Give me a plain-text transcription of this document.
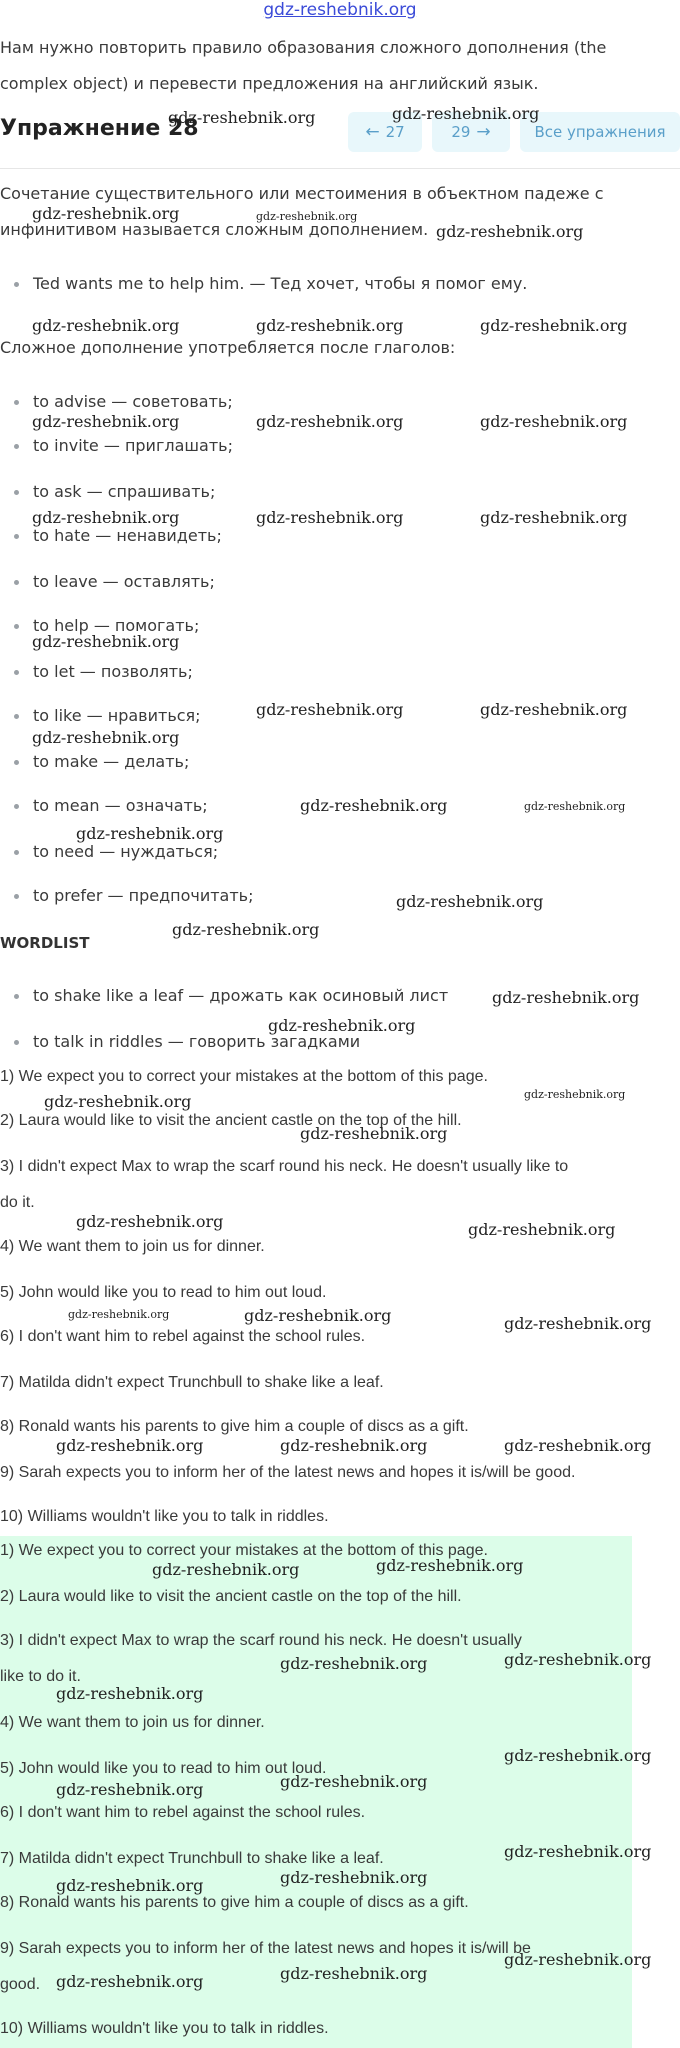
gdz-reshebnik.org
Нам нужно повторить правило образования сложного дополнения (the
complex object) и перевести предложения на английский язык.
Упражнение 28	← 27	29 →	Все упражнения
Сочетание существительного или местоимения в объектном падеже с
инфинитивом называется сложным дополнением.
Ted wants me to help him. — Тед хочет, чтобы я помог ему.
Сложное дополнение употребляется после глаголов:
to advise — советовать;
to invite — приглашать;
to ask — спрашивать;
to hate — ненавидеть;
to leave — оставлять;
to help — помогать;
to let — позволять;
to like — нравиться;
to make — делать;
to mean — означать;
to need — нуждаться;
to prefer — предпочитать;
WORDLIST
to shake like a leaf — дрожать как осиновый лист
to talk in riddles — говорить загадками
1) We expect you to correct your mistakes at the bottom of this page.
2) Laura would like to visit the ancient castle on the top of the hill.
3) I didn't expect Max to wrap the scarf round his neck. He doesn't usually like to
do it.
4) We want them to join us for dinner.
5) John would like you to read to him out loud.
6) I don't want him to rebel against the school rules.
7) Matilda didn't expect Trunchbull to shake like a leaf.
8) Ronald wants his parents to give him a couple of discs as a gift.
9) Sarah expects you to inform her of the latest news and hopes it is/will be good.
10) Williams wouldn't like you to talk in riddles.
1) We expect you to correct your mistakes at the bottom of this page.
2) Laura would like to visit the ancient castle on the top of the hill.
3) I didn't expect Max to wrap the scarf round his neck. He doesn't usually
like to do it.
4) We want them to join us for dinner.
5) John would like you to read to him out loud.
6) I don't want him to rebel against the school rules.
7) Matilda didn't expect Trunchbull to shake like a leaf.
8) Ronald wants his parents to give him a couple of discs as a gift.
9) Sarah expects you to inform her of the latest news and hopes it is/will be
good.
10) Williams wouldn't like you to talk in riddles.
gdz-reshebnik.org	gdz-reshebnik.org
gdz-reshebnik.org	gdz-reshebnik.org
gdz-reshebnik.org
gdz-reshebnik.org	gdz-reshebnik.org	gdz-reshebnik.org
gdz-reshebnik.org	gdz-reshebnik.org	gdz-reshebnik.org
gdz-reshebnik.org	gdz-reshebnik.org	gdz-reshebnik.org
gdz-reshebnik.org
gdz-reshebnik.org	gdz-reshebnik.org
gdz-reshebnik.org
gdz-reshebnik.org	gdz-reshebnik.org
gdz-reshebnik.org
gdz-reshebnik.org
gdz-reshebnik.org
gdz-reshebnik.org
gdz-reshebnik.org
gdz-reshebnik.org	gdz-reshebnik.org
gdz-reshebnik.org
gdz-reshebnik.org	gdz-reshebnik.org
gdz-reshebnik.org	gdz-reshebnik.org	gdz-reshebnik.org
gdz-reshebnik.org	gdz-reshebnik.org	gdz-reshebnik.org
gdz-reshebnik.org	gdz-reshebnik.org
gdz-reshebnik.org	gdz-reshebnik.org
gdz-reshebnik.org
gdz-reshebnik.org
gdz-reshebnik.org
gdz-reshebnik.org
gdz-reshebnik.org
gdz-reshebnik.org
gdz-reshebnik.org
gdz-reshebnik.org
gdz-reshebnik.org	gdz-reshebnik.org
